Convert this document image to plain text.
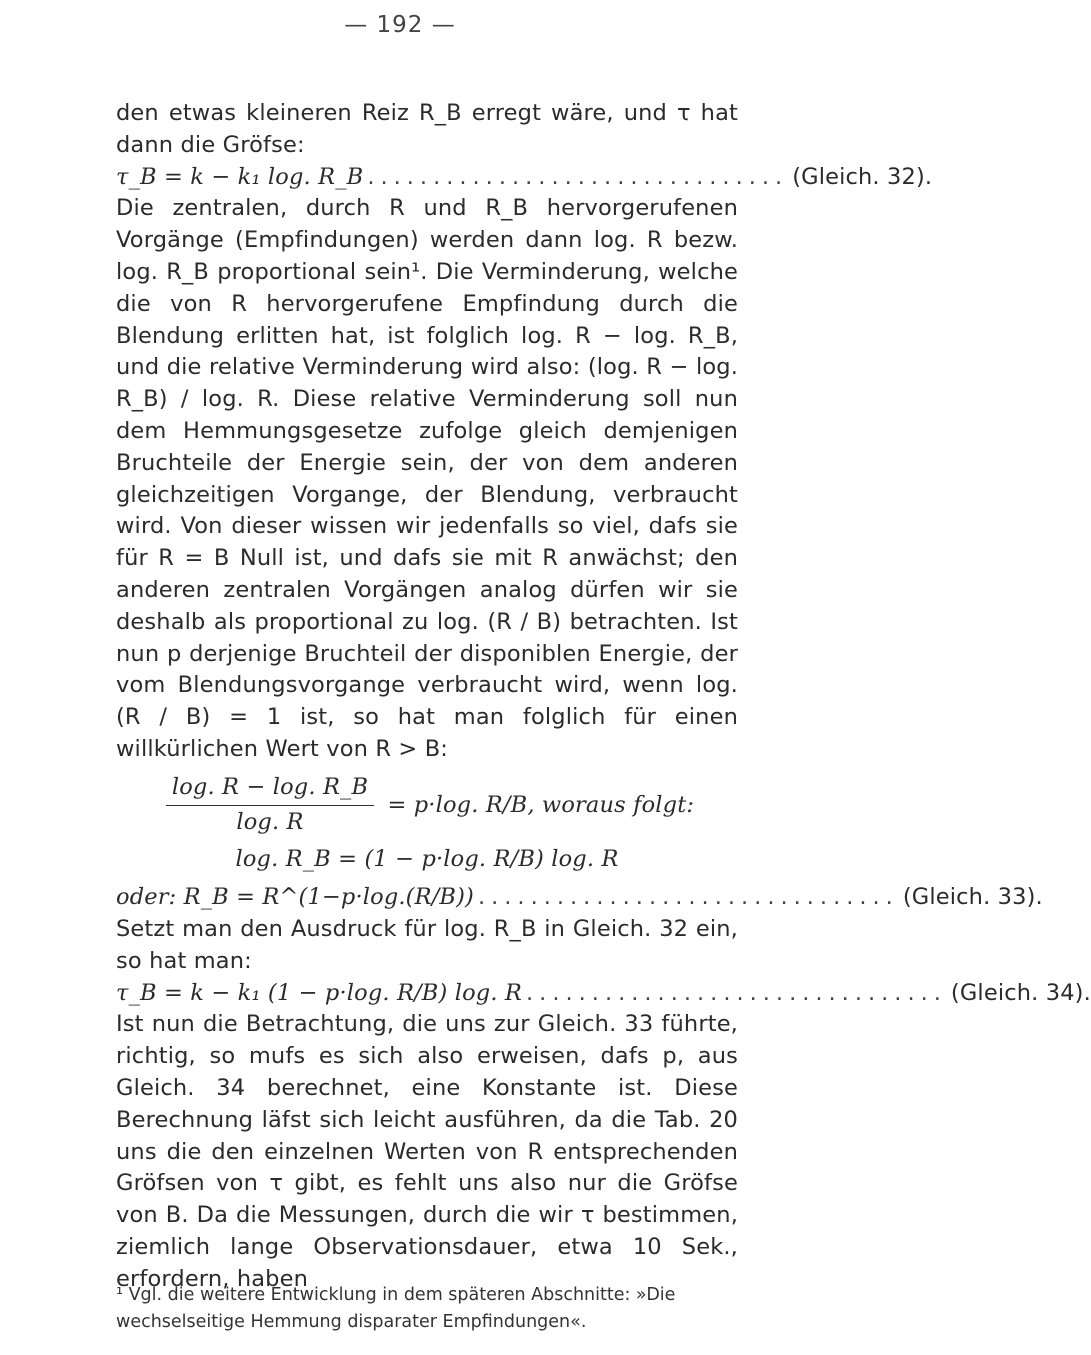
— 192 —

den etwas kleineren Reiz R_B erregt wäre, und τ hat dann die Gröfse:

τ_B = k − k₁ log. R_B ................................ (Gleich. 32).

Die zentralen, durch R und R_B hervorgerufenen Vorgänge (Empfindungen) werden dann log. R bezw. log. R_B proportional sein¹. Die Verminderung, welche die von R hervorgerufene Empfindung durch die Blendung erlitten hat, ist folglich log. R − log. R_B, und die relative Verminderung wird also: (log. R − log. R_B) / log. R. Diese relative Verminderung soll nun dem Hemmungsgesetze zufolge gleich demjenigen Bruchteile der Energie sein, der von dem anderen gleichzeitigen Vorgange, der Blendung, verbraucht wird. Von dieser wissen wir jedenfalls so viel, dafs sie für R = B Null ist, und dafs sie mit R anwächst; den anderen zentralen Vorgängen analog dürfen wir sie deshalb als proportional zu log. (R / B) betrachten. Ist nun p derjenige Bruchteil der disponiblen Energie, der vom Blendungsvorgange verbraucht wird, wenn log. (R / B) = 1 ist, so hat man folglich für einen willkürlichen Wert von R > B:

$\frac{\log. R - \log. R\_B}{\log. R} = p\cdot\log$. R/B, woraus folgt:
log. R_B = (1 − p·log. R/B) log. R
oder: R_B = R^(1−p·log.(R/B)) ................................ (Gleich. 33).

Setzt man den Ausdruck für log. R_B in Gleich. 32 ein, so hat man:

τ_B = k − k₁ (1 − p·log. R/B) log. R ................................ (Gleich. 34).

Ist nun die Betrachtung, die uns zur Gleich. 33 führte, richtig, so mufs es sich also erweisen, dafs p, aus Gleich. 34 berechnet, eine Konstante ist. Diese Berechnung läfst sich leicht ausführen, da die Tab. 20 uns die den einzelnen Werten von R entsprechenden Gröfsen von τ gibt, es fehlt uns also nur die Gröfse von B. Da die Messungen, durch die wir τ bestimmen, ziemlich lange Observationsdauer, etwa 10 Sek., erfordern, haben

¹ Vgl. die weitere Entwicklung in dem späteren Abschnitte: »Die wechselseitige Hemmung disparater Empfindungen«.
